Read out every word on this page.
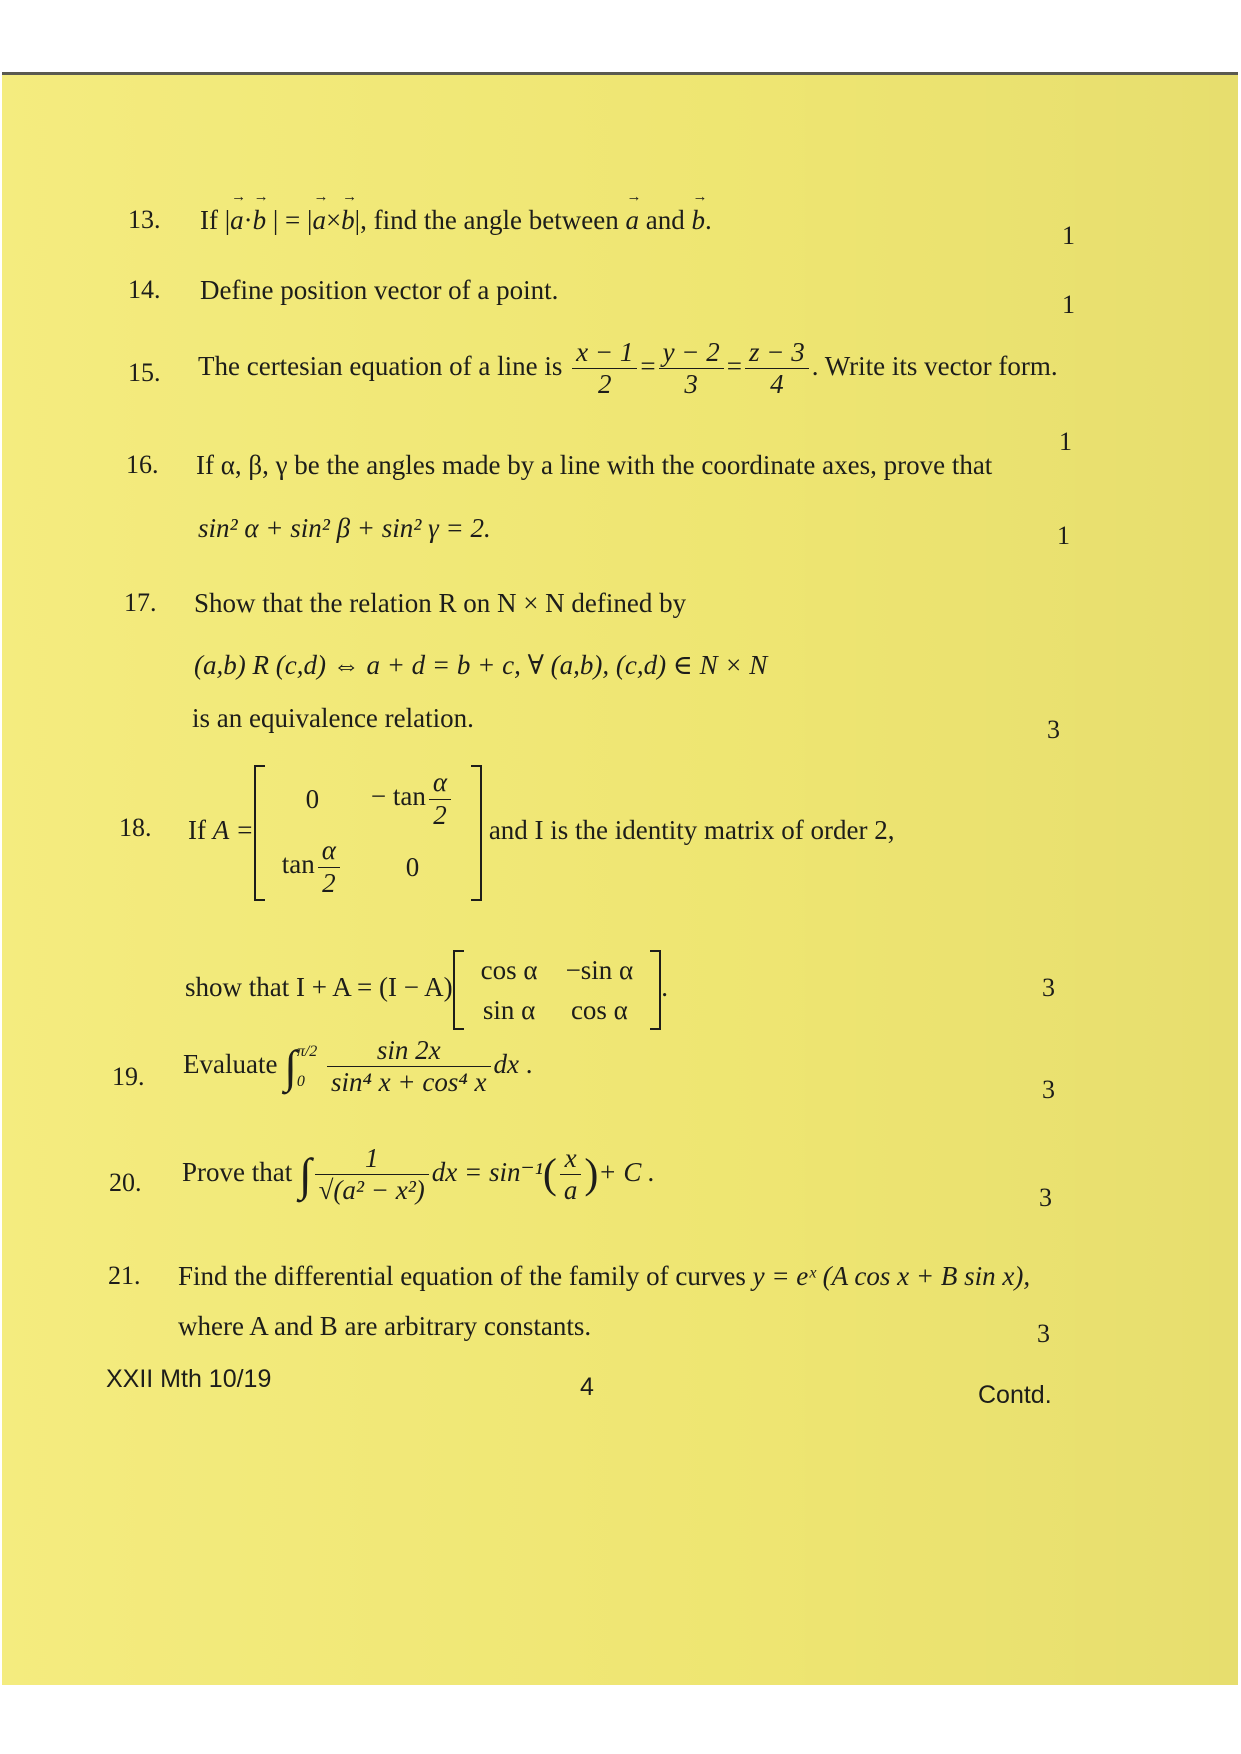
13. If |→ a·→ b | = |→ a×→ b|, find the angle between → a and → b.
1
14. Define position vector of a point.	1
15. The certesian equation of a line is $\frac{x - 1}{2} = \frac{y - 2}{3} = \frac{z - 3}{4}$ . Write its vector form.
1
16. If α, β, γ be the angles made by a line with the coordinate axes, prove that
sin² α + sin² β + sin² γ = 2.	1
17. Show that the relation R on N × N defined by
(a,b) R (c,d) ⇔ a + d = b + c, ∀ (a,b), (c,d) ∈ N × N
is an equivalence relation.	3
18. If A =
0	− $\tan \frac{\alpha}{2}$

$\tan \frac{\alpha}{2}$	0
and I is the identity matrix of order 2,
show that I + A = (I − A)
cos α	−sin α
sin α	cos α
.	3
19. Evaluate ∫ π/2
0
$\frac{\sin 2x}{\text{sin⁴ x + cos⁴ x}}$ dx .
3
20. Prove that ∫ $\frac{1}{\text{√(a² − x²)}}$ dx = $\sin^{-1}( \frac{x}{a}$ )+ C .
3
21. Find the differential equation of the family of curves y = eˣ (A cos x + B sin x),
where A and B are arbitrary constants.	3
XXII Mth 10/19	4	Contd.
